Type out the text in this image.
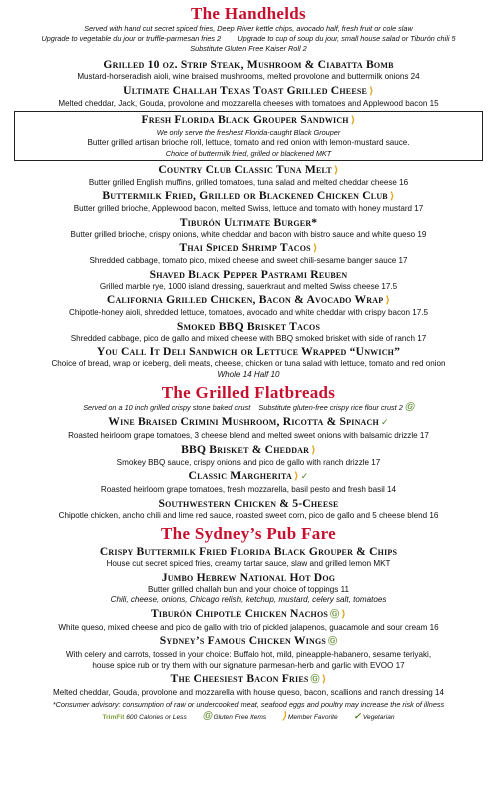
The Handhelds
Served with hand cut secret spiced fries, Deep River kettle chips, avocado half, fresh fruit or cole slaw
Upgrade to vegetable du jour or truffle-parmesan fries 2        Upgrade to cup of soup du jour, small house salad or Tiburón chili 5
Substitute Gluten Free Kaiser Roll 2
Grilled 10 oz. Strip Steak, Mushroom & Ciabatta Bomb
Mustard-horseradish aioli, wine braised mushrooms, melted provolone and buttermilk onions 24
Ultimate Challah Texas Toast Grilled Cheese ⟩
Melted cheddar, Jack, Gouda, provolone and mozzarella cheeses with tomatoes and Applewood bacon 15
Fresh Florida Black Grouper Sandwich ⟩
We only serve the freshest Florida-caught Black Grouper
Butter grilled artisan brioche roll, lettuce, tomato and red onion with lemon-mustard sauce.
Choice of buttermilk fried, grilled or blackened MKT
Country Club Classic Tuna Melt ⟩
Butter grilled English muffins, grilled tomatoes, tuna salad and melted cheddar cheese 16
Buttermilk Fried, Grilled or Blackened Chicken Club ⟩
Butter grilled brioche, Applewood bacon, melted Swiss, lettuce and tomato with honey mustard 17
Tiburón Ultimate Burger*
Butter grilled brioche, crispy onions, white cheddar and bacon with bistro sauce and white queso 19
Thai Spiced Shrimp Tacos ⟩
Shredded cabbage, tomato pico, mixed cheese and sweet chili-sesame banger sauce 17
Shaved Black Pepper Pastrami Reuben
Grilled marble rye, 1000 island dressing, sauerkraut and melted Swiss cheese 17.5
California Grilled Chicken, Bacon & Avocado Wrap ⟩
Chipotle-honey aioli, shredded lettuce, tomatoes, avocado and white cheddar with crispy bacon 17.5
Smoked BBQ Brisket Tacos
Shredded cabbage, pico de gallo and mixed cheese with BBQ smoked brisket with side of ranch 17
You Call It Deli Sandwich or Lettuce Wrapped “Unwich”
Choice of bread, wrap or iceberg, deli meats, cheese, chicken or tuna salad with lettuce, tomato and red onion
Whole 14 Half 10
The Grilled Flatbreads
Served on a 10 inch grilled crispy stone baked crust    Substitute gluten-free crispy rice flour crust 2 Ⓖ
Wine Braised Crimini Mushroom, Ricotta & Spinach ✓
Roasted heirloom grape tomatoes, 3 cheese blend and melted sweet onions with balsamic drizzle 17
BBQ Brisket & Cheddar ⟩
Smokey BBQ sauce, crispy onions and pico de gallo with ranch drizzle 17
Classic Margherita ⟩ ✓
Roasted heirloom grape tomatoes, fresh mozzarella, basil pesto and fresh basil 14
Southwestern Chicken & 5-Cheese
Chipotle chicken, ancho chili and lime red sauce, roasted sweet corn, pico de gallo and 5 cheese blend 16
The Sydney’s Pub Fare
Crispy Buttermilk Fried Florida Black Grouper & Chips
House cut secret spiced fries, creamy tartar sauce, slaw and grilled lemon MKT
Jumbo Hebrew National Hot Dog
Butter grilled challah bun and your choice of toppings 11
Chili, cheese, onions, Chicago relish, ketchup, mustard, celery salt, tomatoes
Tiburón Chipotle Chicken Nachos Ⓖ ⟩
White queso, mixed cheese and pico de gallo with trio of pickled jalapenos, guacamole and sour cream 16
Sydney’s Famous Chicken Wings Ⓖ
With celery and carrots, tossed in your choice: Buffalo hot, mild, pineapple-habanero, sesame teriyaki,
house spice rub or try them with our signature parmesan-herb and garlic with EVOO 17
The Cheesiest Bacon Fries Ⓖ ⟩
Melted cheddar, Gouda, provolone and mozzarella with house queso, bacon, scallions and ranch dressing 14
*Consumer advisory: consumption of raw or undercooked meat, seafood eggs and poultry may increase the risk of illness
TrimFit 600 Calories or Less Ⓖ Gluten Free Items ⟩ Member Favorite ✓ Vegetarian
